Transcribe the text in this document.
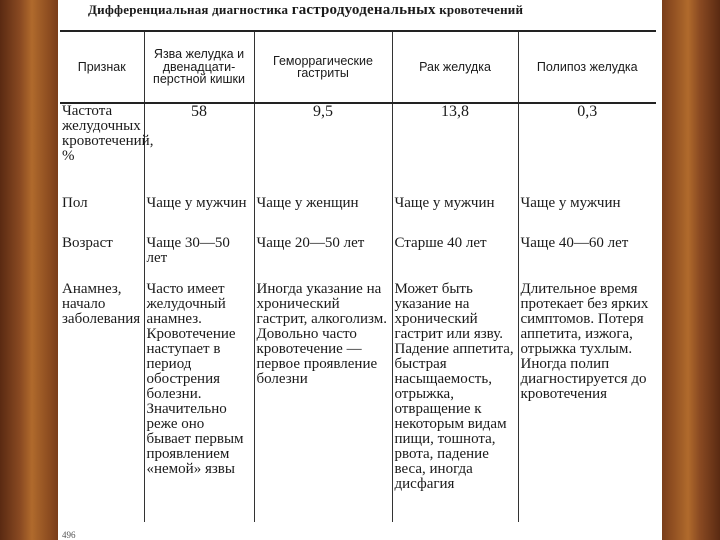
Дифференциальная диагностика гастродуоденальных кровотечений
Признак	Язва желудка и двенадцати-перстной кишки	Геморрагические гастриты	Рак желудка	Полипоз желудка
Частота желудочных кровотечений, %	58	9,5	13,8	0,3
Пол	Чаще у мужчин	Чаще у женщин	Чаще у мужчин	Чаще у мужчин
Возраст	Чаще 30—50 лет	Чаще 20—50 лет	Старше 40 лет	Чаще 40—60 лет
Анамнез, начало заболевания	Часто имеет желудочный анамнез. Кровотечение наступает в период обострения болезни. Значительно реже оно бывает первым проявлением «немой» язвы	Иногда указание на хронический гастрит, алкоголизм. Довольно часто кровотечение — первое проявление болезни	Может быть указание на хронический гастрит или язву. Падение аппетита, быстрая насыщаемость, отрыжка, отвращение к некоторым видам пищи, тошнота, рвота, падение веса, иногда дисфагия	Длительное время протекает без ярких симптомов. Потеря аппетита, изжога, отрыжка тухлым. Иногда полип диагностируется до кровотечения
496
